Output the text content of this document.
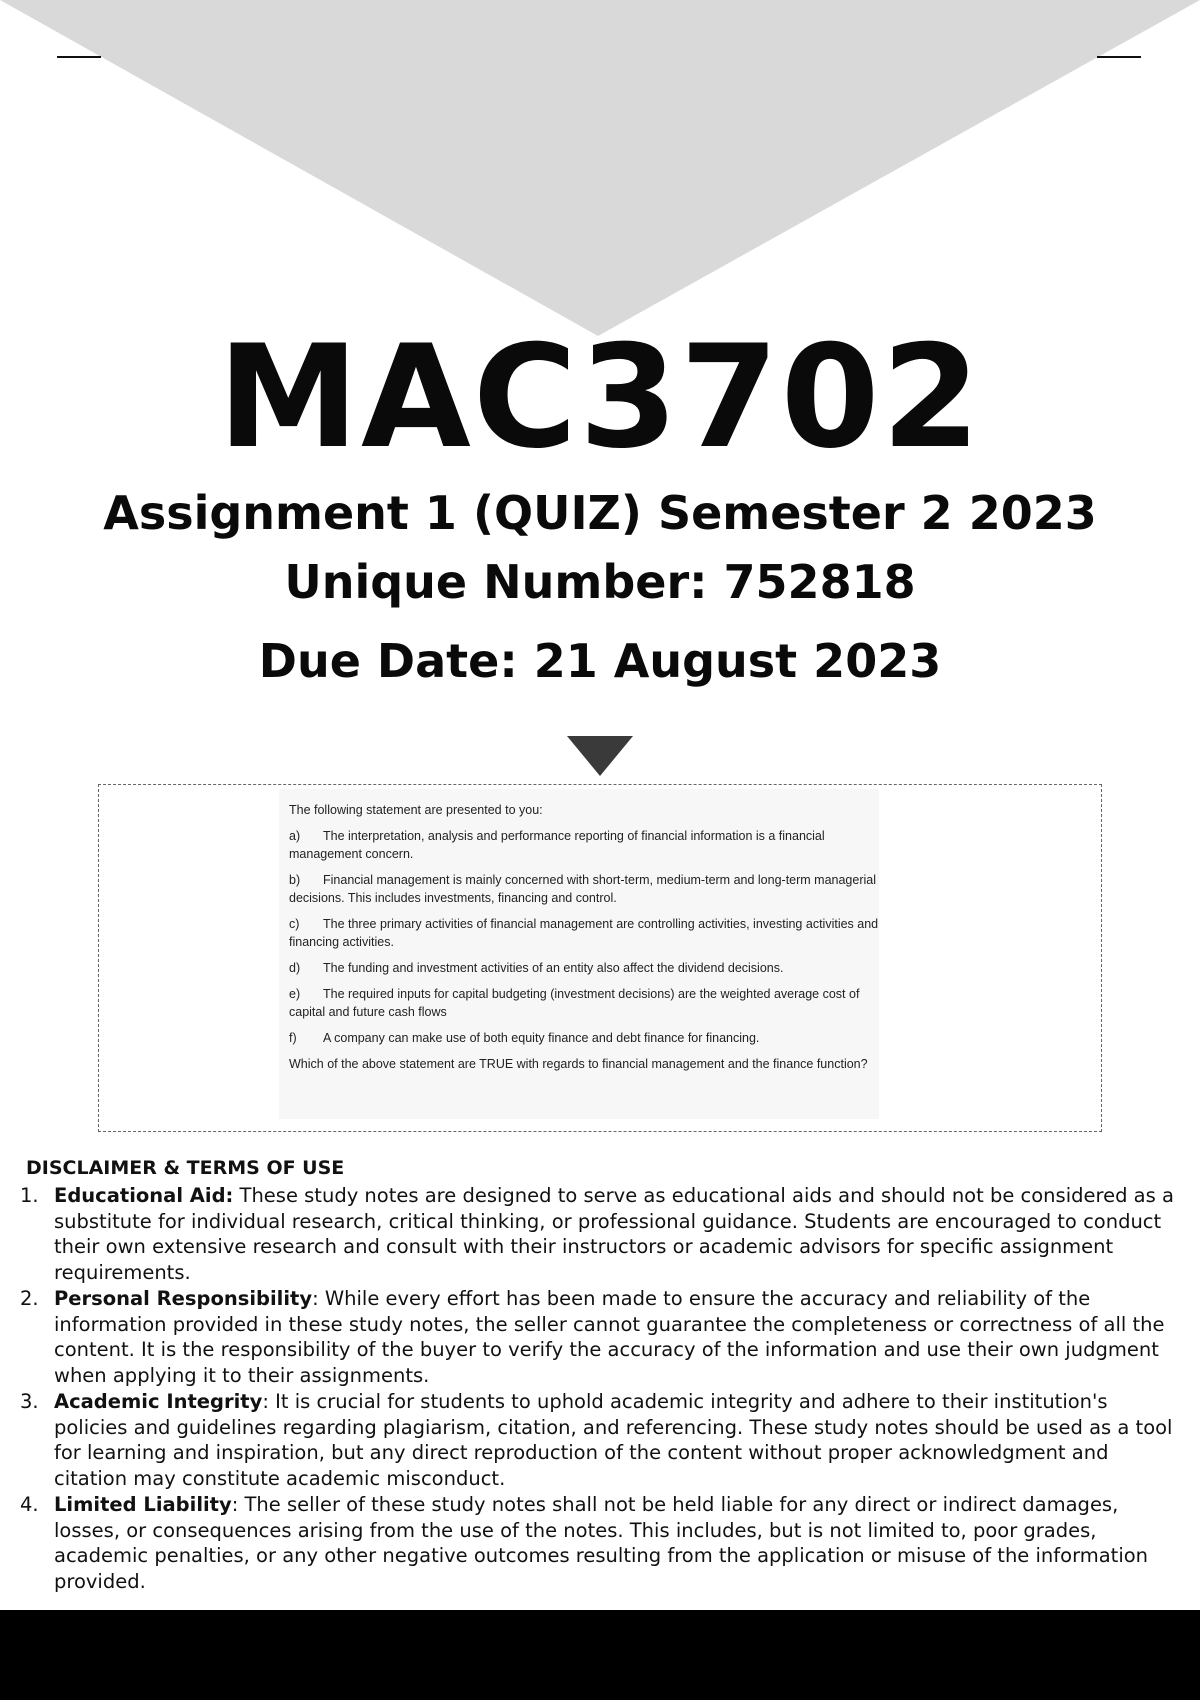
MAC3702
Assignment 1 (QUIZ) Semester 2 2023
Unique Number: 752818
Due Date: 21 August 2023
The following statement are presented to you:
a) The interpretation, analysis and performance reporting of financial information is a financial management concern.
b) Financial management is mainly concerned with short-term, medium-term and long-term managerial decisions. This includes investments, financing and control.
c) The three primary activities of financial management are controlling activities, investing activities and financing activities.
d) The funding and investment activities of an entity also affect the dividend decisions.
e) The required inputs for capital budgeting (investment decisions) are the weighted average cost of capital and future cash flows
f) A company can make use of both equity finance and debt finance for financing.
Which of the above statement are TRUE with regards to financial management and the finance function?
DISCLAIMER & TERMS OF USE
1. Educational Aid: These study notes are designed to serve as educational aids and should not be considered as a substitute for individual research, critical thinking, or professional guidance. Students are encouraged to conduct their own extensive research and consult with their instructors or academic advisors for specific assignment requirements.
2. Personal Responsibility: While every effort has been made to ensure the accuracy and reliability of the information provided in these study notes, the seller cannot guarantee the completeness or correctness of all the content. It is the responsibility of the buyer to verify the accuracy of the information and use their own judgment when applying it to their assignments.
3. Academic Integrity: It is crucial for students to uphold academic integrity and adhere to their institution's policies and guidelines regarding plagiarism, citation, and referencing. These study notes should be used as a tool for learning and inspiration, but any direct reproduction of the content without proper acknowledgment and citation may constitute academic misconduct.
4. Limited Liability: The seller of these study notes shall not be held liable for any direct or indirect damages, losses, or consequences arising from the use of the notes. This includes, but is not limited to, poor grades, academic penalties, or any other negative outcomes resulting from the application or misuse of the information provided.
